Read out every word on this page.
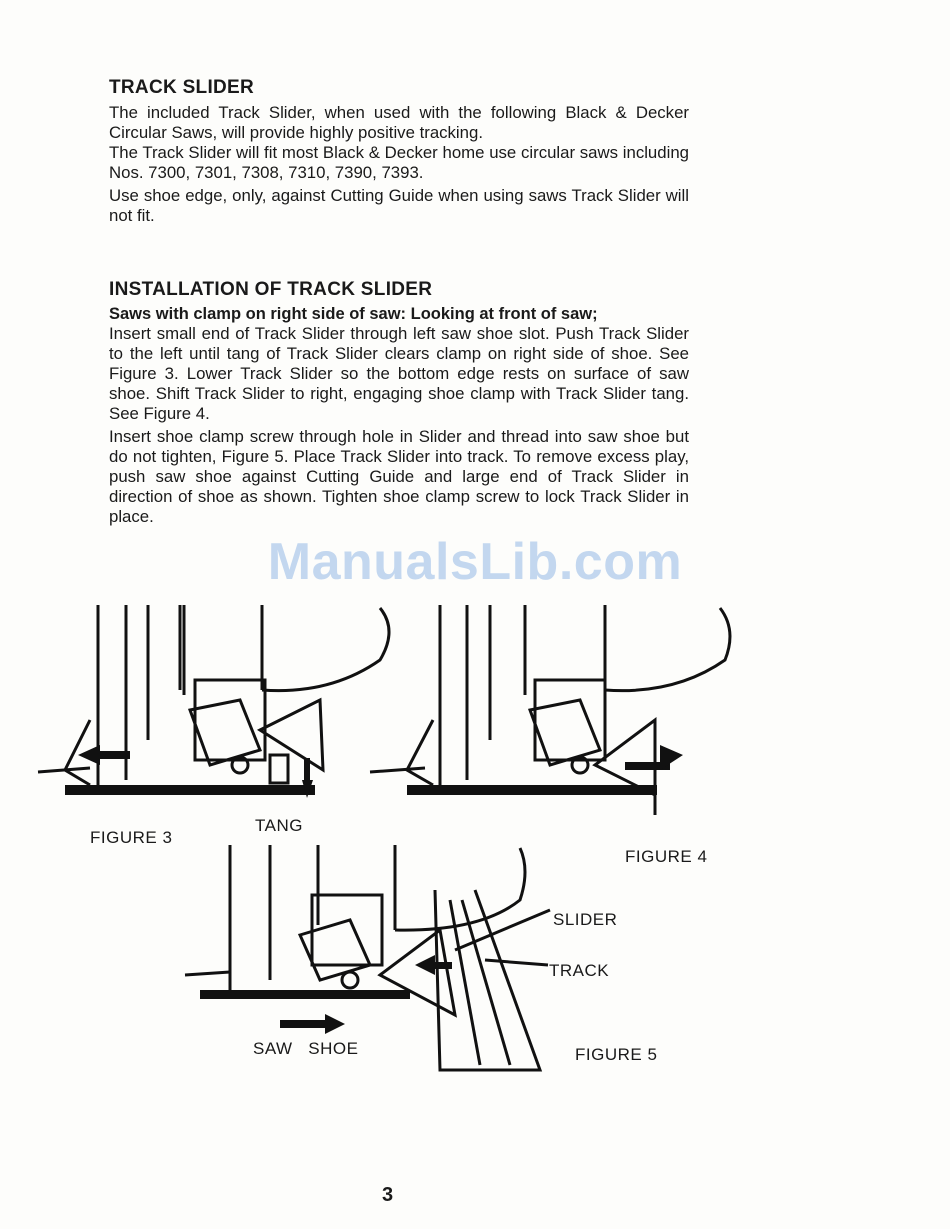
TRACK SLIDER

The included Track Slider, when used with the following Black & Decker Circular Saws, will provide highly positive tracking.

The Track Slider will fit most Black & Decker home use circular saws including Nos. 7300, 7301, 7308, 7310, 7390, 7393.

Use shoe edge, only, against Cutting Guide when using saws Track Slider will not fit.

INSTALLATION OF TRACK SLIDER

Saws with clamp on right side of saw: Looking at front of saw;

Insert small end of Track Slider through left saw shoe slot. Push Track Slider to the left until tang of Track Slider clears clamp on right side of shoe. See Figure 3. Lower Track Slider so the bottom edge rests on surface of saw shoe. Shift Track Slider to right, engaging shoe clamp with Track Slider tang. See Figure 4.

Insert shoe clamp screw through hole in Slider and thread into saw shoe but do not tighten, Figure 5. Place Track Slider into track. To remove excess play, push saw shoe against Cutting Guide and large end of Track Slider in direction of shoe as shown. Tighten shoe clamp screw to lock Track Slider in place.

ManualsLib.com
FIGURE 3
TANG
FIGURE 4
SLIDER
TRACK
SAW   SHOE	FIGURE 5
3
